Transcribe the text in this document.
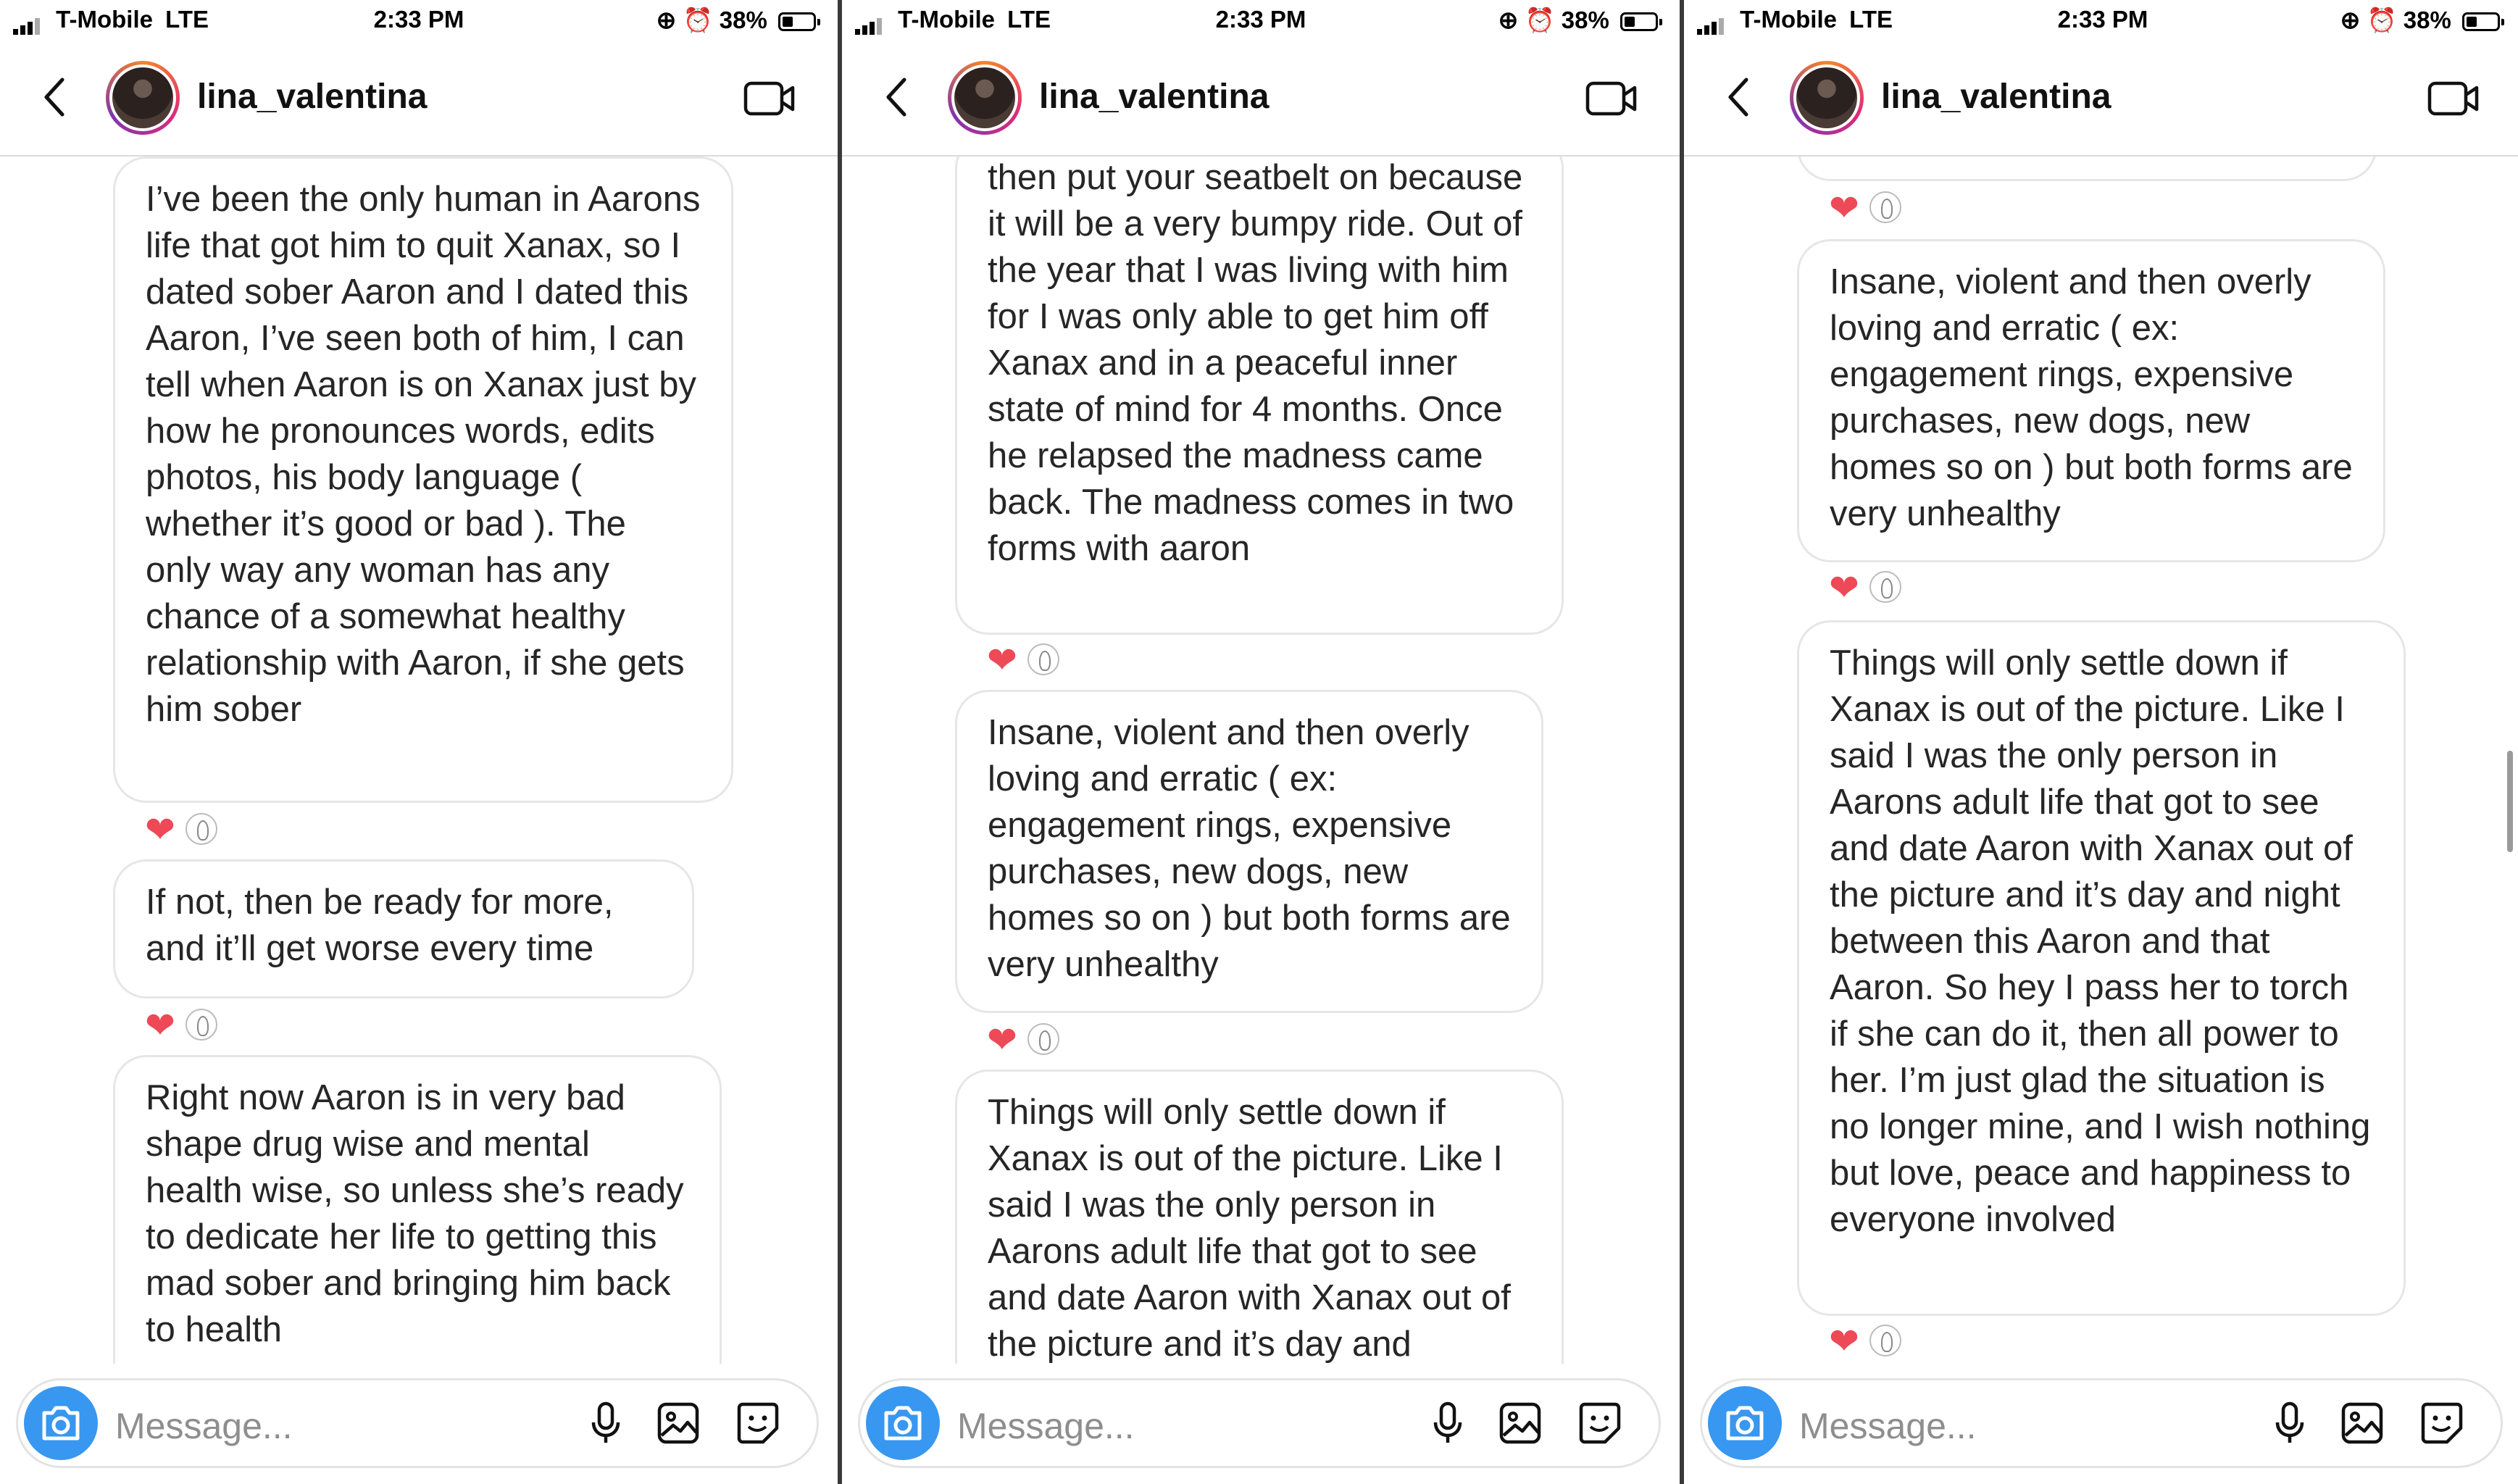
T-Mobile LTE	2:33 PM	⊕ ⏰ 38%
lina_valentina
I’ve been the only human in Aarons life that got him to quit Xanax, so I dated sober Aaron and I dated this Aaron, I’ve seen both of him, I can tell when Aaron is on Xanax just by how he pronounces words, edits photos, his body language ( whether it’s good or bad ). The only way any woman has any chance of a somewhat healthy relationship with Aaron, if she gets him sober
❤
If not, then be ready for more, and it’ll get worse every time
❤
Right now Aaron is in very bad shape drug wise and mental health wise, so unless she’s ready to dedicate her life to getting this mad sober and bringing him back to health
Message...
T-Mobile LTE	2:33 PM	⊕ ⏰ 38%
lina_valentina
then put your seatbelt on because it will be a very bumpy ride. Out of the year that I was living with him for I was only able to get him off Xanax and in a peaceful inner state of mind for 4 months. Once he relapsed the madness came back. The madness comes in two forms with aaron
❤
Insane, violent and then overly loving and erratic ( ex: engagement rings, expensive purchases, new dogs, new homes so on ) but both forms are very unhealthy
❤
Things will only settle down if Xanax is out of the picture. Like I said I was the only person in Aarons adult life that got to see and date Aaron with Xanax out of the picture and it’s day and
Message...
T-Mobile LTE	2:33 PM	⊕ ⏰ 38%
lina_valentina
❤
Insane, violent and then overly loving and erratic ( ex: engagement rings, expensive purchases, new dogs, new homes so on ) but both forms are very unhealthy
❤
Things will only settle down if Xanax is out of the picture. Like I said I was the only person in Aarons adult life that got to see and date Aaron with Xanax out of the picture and it’s day and night between this Aaron and that Aaron. So hey I pass her to torch if she can do it, then all power to her. I’m just glad the situation is no longer mine, and I wish nothing but love, peace and happiness to everyone involved
❤
Message...
